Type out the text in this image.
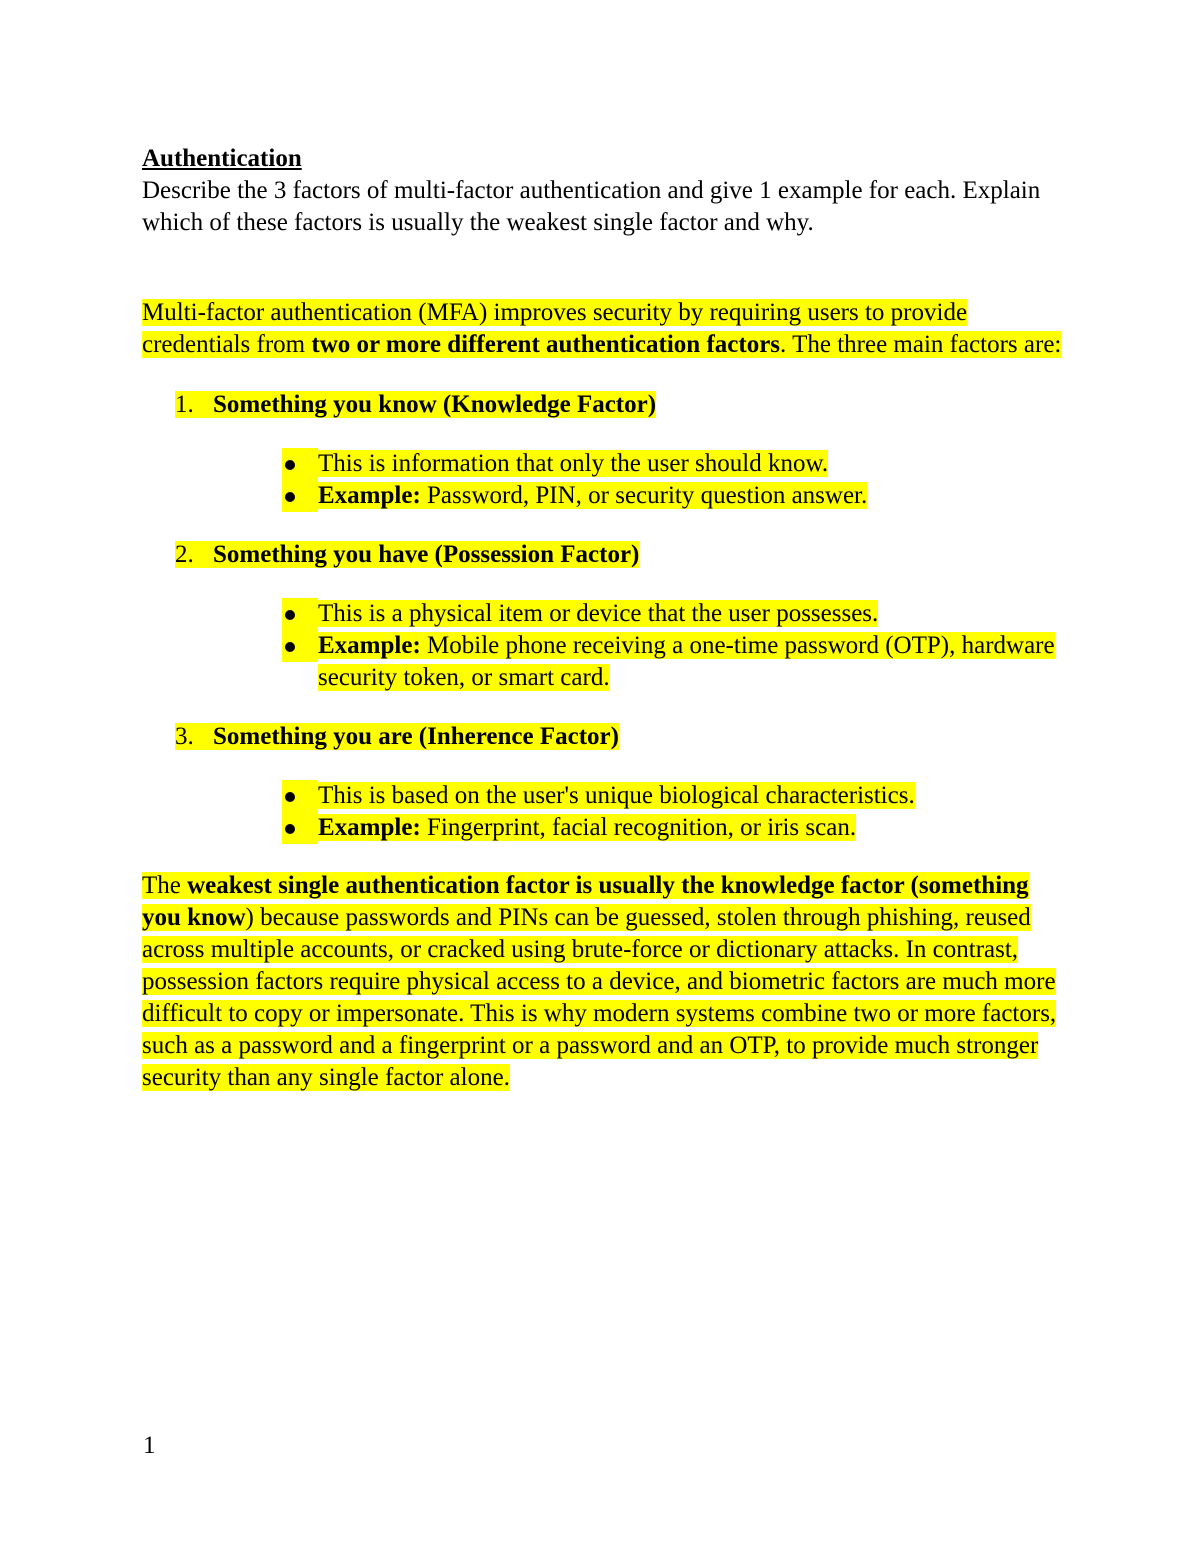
Authentication

Describe the 3 factors of multi-factor authentication and give 1 example for each. Explain which of these factors is usually the weakest single factor and why.

Multi-factor authentication (MFA) improves security by requiring users to provide credentials from two or more different authentication factors. The three main factors are:

1. Something you know (Knowledge Factor)

This is information that only the user should know.
Example: Password, PIN, or security question answer.

2. Something you have (Possession Factor)

This is a physical item or device that the user possesses.
Example: Mobile phone receiving a one-time password (OTP), hardware security token, or smart card.

3. Something you are (Inherence Factor)

This is based on the user's unique biological characteristics.
Example: Fingerprint, facial recognition, or iris scan.

The weakest single authentication factor is usually the knowledge factor (something you know) because passwords and PINs can be guessed, stolen through phishing, reused across multiple accounts, or cracked using brute-force or dictionary attacks. In contrast, possession factors require physical access to a device, and biometric factors are much more difficult to copy or impersonate. This is why modern systems combine two or more factors, such as a password and a fingerprint or a password and an OTP, to provide much stronger security than any single factor alone.

1
